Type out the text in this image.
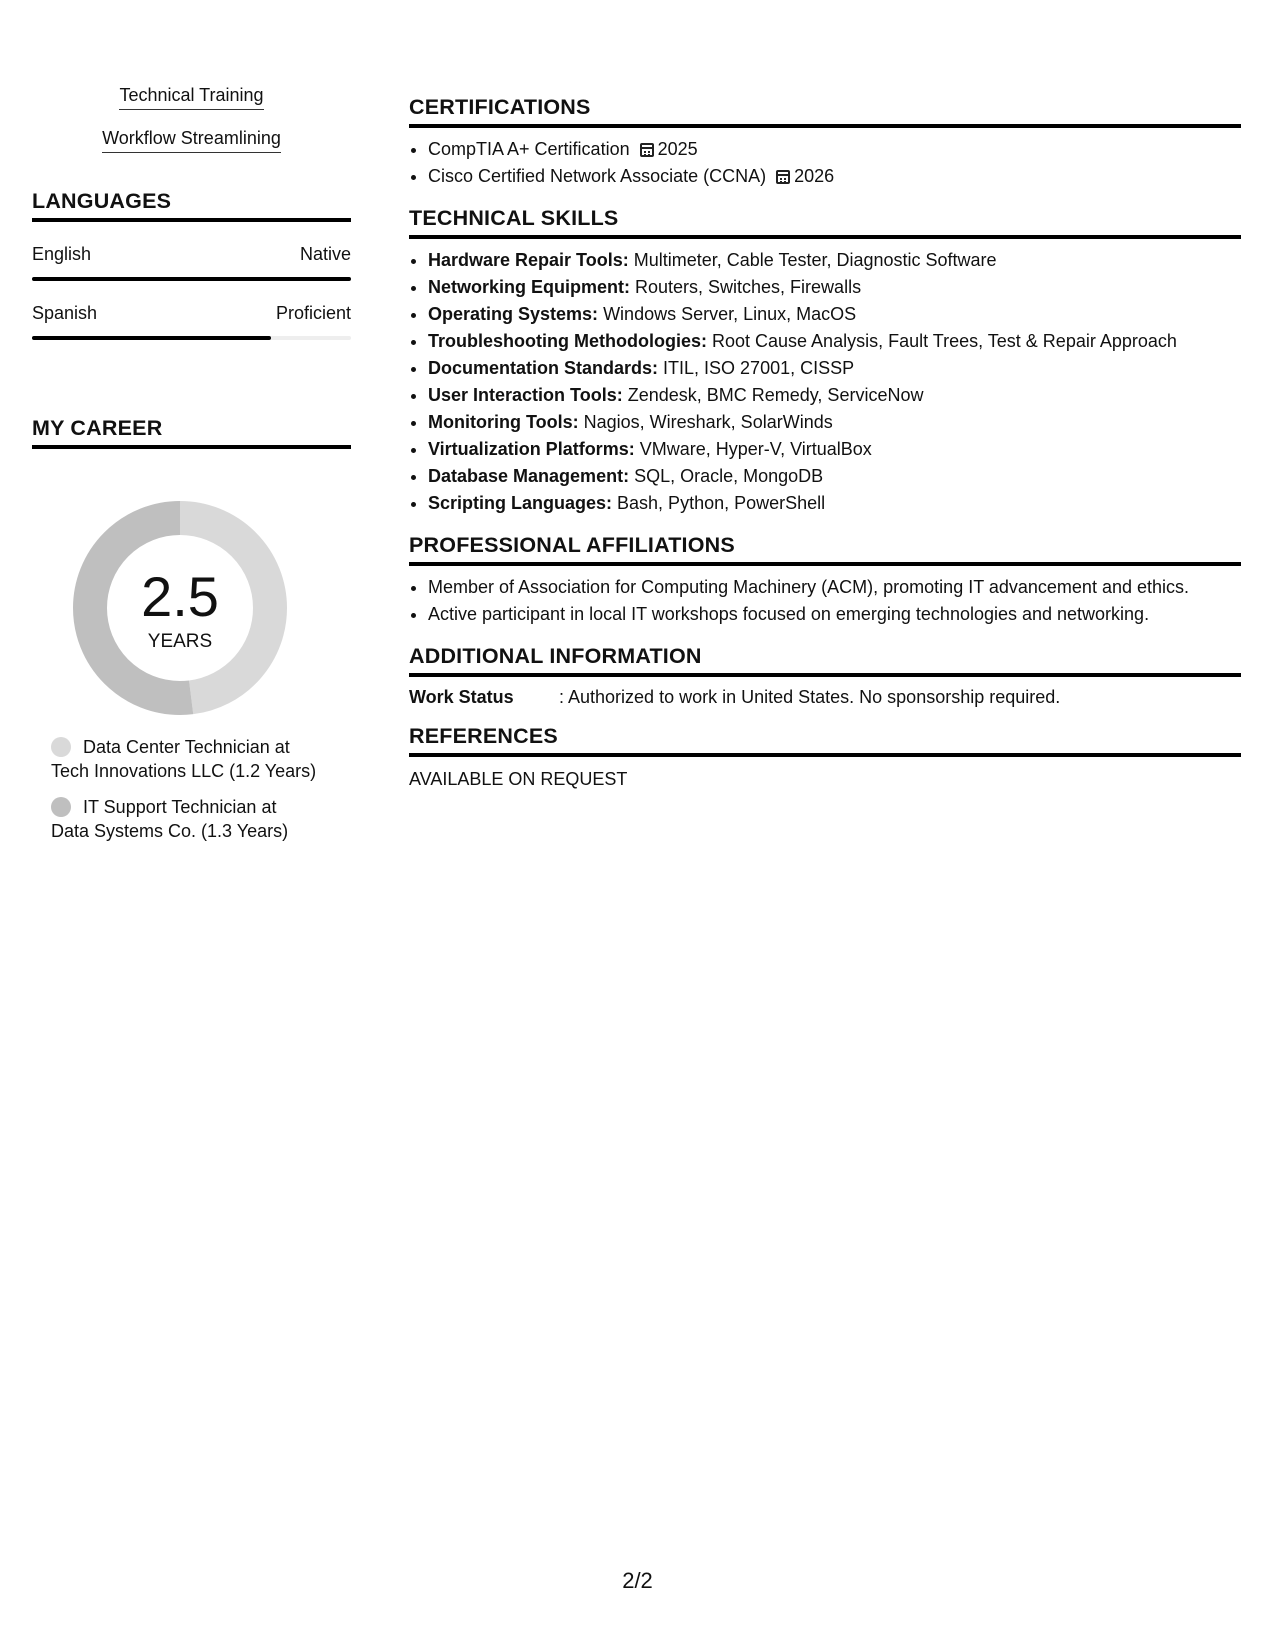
Technical Training
Workflow Streamlining
LANGUAGES
English	Native
Spanish	Proficient
MY CAREER
2.5
YEARS
Data Center Technician at
Tech Innovations LLC (1.2 Years)
IT Support Technician at
Data Systems Co. (1.3 Years)
CERTIFICATIONS
• CompTIA A+ Certification 2025
• Cisco Certified Network Associate (CCNA) 2026
TECHNICAL SKILLS
• Hardware Repair Tools: Multimeter, Cable Tester, Diagnostic Software
• Networking Equipment: Routers, Switches, Firewalls
• Operating Systems: Windows Server, Linux, MacOS
• Troubleshooting Methodologies: Root Cause Analysis, Fault Trees, Test & Repair Approach
• Documentation Standards: ITIL, ISO 27001, CISSP
• User Interaction Tools: Zendesk, BMC Remedy, ServiceNow
• Monitoring Tools: Nagios, Wireshark, SolarWinds
• Virtualization Platforms: VMware, Hyper-V, VirtualBox
• Database Management: SQL, Oracle, MongoDB
• Scripting Languages: Bash, Python, PowerShell
PROFESSIONAL AFFILIATIONS
• Member of Association for Computing Machinery (ACM), promoting IT advancement and ethics.
• Active participant in local IT workshops focused on emerging technologies and networking.
ADDITIONAL INFORMATION
Work Status	: Authorized to work in United States. No sponsorship required.
REFERENCES
AVAILABLE ON REQUEST
2/2
